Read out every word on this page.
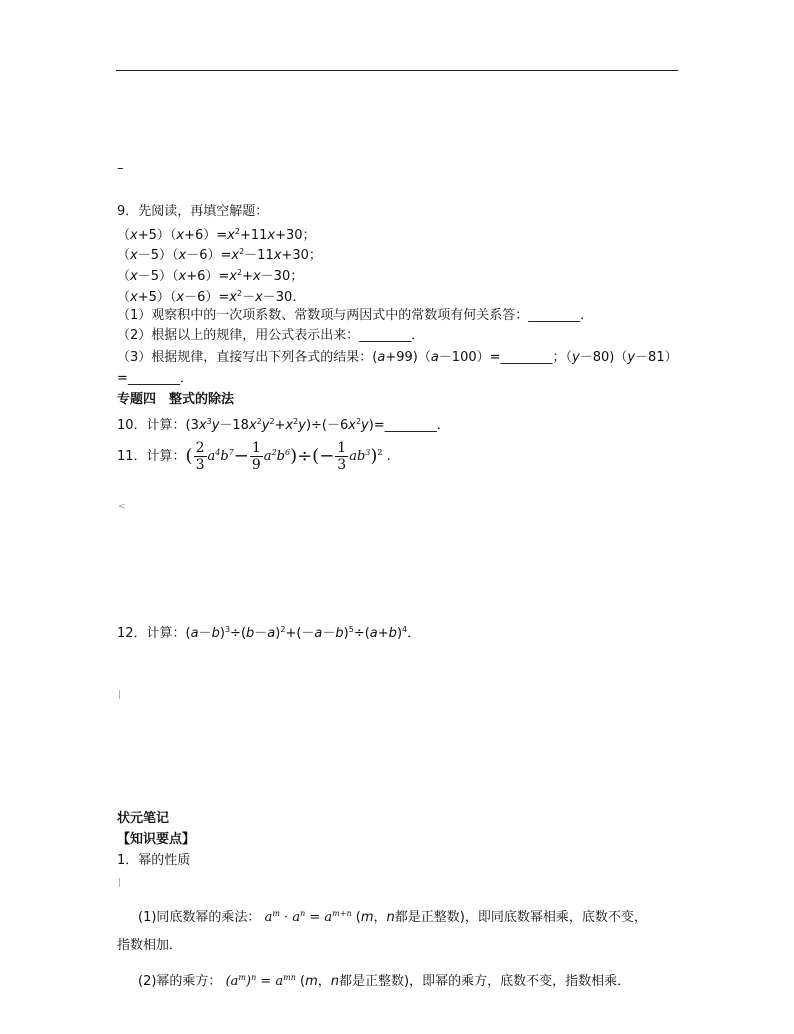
–
9．先阅读，再填空解题：
$(x+5)(x+6)=x^2+11x+30$；
$(x-5)(x-6)=x^2-11x+30$；
$(x-5)(x+6)=x^2+x-30$；
$(x+5)(x-6)=x^2-x-30$.
（1）观察积中的一次项系数、常数项与两因式中的常数项有何关系答：________．
（2）根据以上的规律，用公式表示出来：________．
（3）根据规律，直接写出下列各式的结果：(a+99)（a－100）=________；（y－80)（y－81）
=________．
专题四　整式的除法
10．计算：$(3x^3y-18x^2y^2+x^2y)\div(-6x^2y)=\_\_\_\_\_\_\_\_$．
11．计算：( $\frac{2}{3} a^4b^7- \frac{1}{9} a^2b^6)\div(- \frac{1}{3} ab^3)^2$ .
<
12．计算：$(a-b)^3\div(b-a)^2+(-a-b)^5\div(a+b)^4$．
|
状元笔记
【知识要点】
1．幂的性质
|
(1)同底数幂的乘法： $a^m \cdot a^n = a^{m+n}$ (m，n都是正整数)，即同底数幂相乘，底数不变，
指数相加．
(2)幂的乘方： $(a^m)^n = a^{mn}$ (m，n都是正整数)，即幂的乘方，底数不变，指数相乘．
